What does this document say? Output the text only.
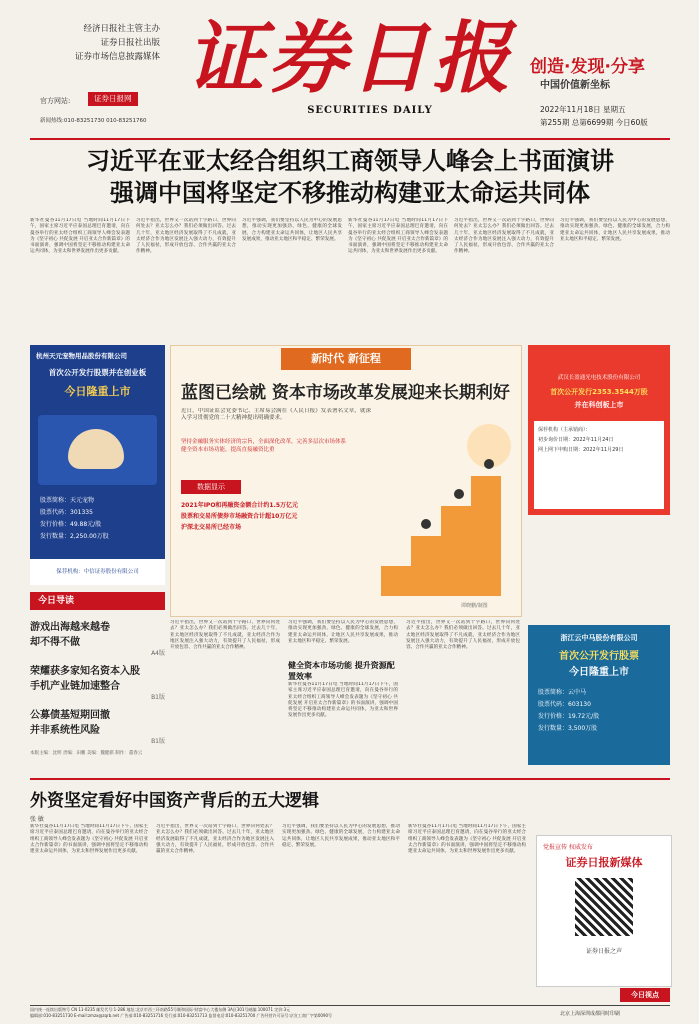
经济日报社主管主办
证券日报社出版
证券市场信息披露媒体
官方网站:	证券日报网
新闻热线:010-83251730 010-83251760
证券日报
SECURITIES DAILY
创造·发现·分享
中国价值新坐标
2022年11月18日 星期五
第255期 总第6699期 今日60版
习近平在亚太经合组织工商领导人峰会上书面演讲
强调中国将坚定不移推动构建亚太命运共同体
新华社曼谷11月17日电 当地时间11月17日下午，国家主席习近平应泰国总理巴育邀请，向在曼谷举行的亚太经合组织工商领导人峰会发表题为《坚守初心 共促发展 开启亚太合作新篇章》的书面演讲，强调中国将坚定不移推动构建亚太命运共同体，为亚太和世界发展作出更多贡献。
习近平指出，世界又一次站到十字路口，世界向何处去？亚太怎么办？我们必须做出回答。过去几十年，亚太地区经济发展取得了不凡成就，亚太经济合作为地区发展注入强大动力，有效提升了人民福祉，形成开放包容、合作共赢的亚太合作精神。
习近平强调，我们要坚持以人民为中心的发展思想，推动实现更加强劲、绿色、健康的全球发展，合力构建亚太命运共同体，让地区人民共享发展成果，推动亚太地区和平稳定、繁荣发展。
新华社曼谷11月17日电 当地时间11月17日下午，国家主席习近平应泰国总理巴育邀请，向在曼谷举行的亚太经合组织工商领导人峰会发表题为《坚守初心 共促发展 开启亚太合作新篇章》的书面演讲，强调中国将坚定不移推动构建亚太命运共同体，为亚太和世界发展作出更多贡献。
习近平指出，世界又一次站到十字路口，世界向何处去？亚太怎么办？我们必须做出回答。过去几十年，亚太地区经济发展取得了不凡成就，亚太经济合作为地区发展注入强大动力，有效提升了人民福祉，形成开放包容、合作共赢的亚太合作精神。
习近平强调，我们要坚持以人民为中心的发展思想，推动实现更加强劲、绿色、健康的全球发展，合力构建亚太命运共同体，让地区人民共享发展成果，推动亚太地区和平稳定、繁荣发展。
杭州天元宠物用品股份有限公司
首次公开发行股票并在创业板
今日隆重上市
股票简称：天元宠物
股票代码：301335
发行价格：49.88元/股
发行数量：2,250.00万股
保荐机构：中信证券股份有限公司
新时代 新征程
蓝图已绘就 资本市场改革发展迎来长期利好
近日，中国证监会党委书记、主席易会满在《人民日报》发表署名文章，就深入学习贯彻党的二十大精神提出明确要求。
坚持金融服务实体经济的宗旨，全面深化改革，完善多层次市场体系
健全资本市场功能，提高直接融资比重
数据显示
2021年IPO和再融资金额合计约1.5万亿元
股票和交易所债券市场融资合计超10万亿元
沪深北交易所已经市场
谭晓鹏/制图
武汉长盈通光电技术股份有限公司
首次公开发行2353.3544万股
并在科创板上市
保荐机构（主承销商）：
初步询价日期：2022年11月24日
网上网下申购日期：2022年11月29日
浙江云中马股份有限公司
首次公开发行股票
今日隆重上市
股票简称：云中马
股票代码：603130
发行价格：19.72元/股
发行数量：3,500万股
今日导读
游戏出海越来越卷
却不得不做
A4版
荣耀获多家知名资本入股
手机产业链加速整合
B1版
公募债基短期回撤
并非系统性风险
B1版
本版主编：沈明 责编：田鹏 美编：魏健骐 制作：董春云
习近平指出，世界又一次站到十字路口，世界向何处去？亚太怎么办？我们必须做出回答。过去几十年，亚太地区经济发展取得了不凡成就，亚太经济合作为地区发展注入强大动力，有效提升了人民福祉，形成开放包容、合作共赢的亚太合作精神。
健全资本市场功能 提升资源配置效率
习近平强调，我们要坚持以人民为中心的发展思想，推动实现更加强劲、绿色、健康的全球发展，合力构建亚太命运共同体，让地区人民共享发展成果，推动亚太地区和平稳定、繁荣发展。
新华社曼谷11月17日电 当地时间11月17日下午，国家主席习近平应泰国总理巴育邀请，向在曼谷举行的亚太经合组织工商领导人峰会发表题为《坚守初心 共促发展 开启亚太合作新篇章》的书面演讲，强调中国将坚定不移推动构建亚太命运共同体，为亚太和世界发展作出更多贡献。
习近平指出，世界又一次站到十字路口，世界向何处去？亚太怎么办？我们必须做出回答。过去几十年，亚太地区经济发展取得了不凡成就，亚太经济合作为地区发展注入强大动力，有效提升了人民福祉，形成开放包容、合作共赢的亚太合作精神。
外资坚定看好中国资产背后的五大逻辑
张 敏
新华社曼谷11月17日电 当地时间11月17日下午，国家主席习近平应泰国总理巴育邀请，向在曼谷举行的亚太经合组织工商领导人峰会发表题为《坚守初心 共促发展 开启亚太合作新篇章》的书面演讲，强调中国将坚定不移推动构建亚太命运共同体，为亚太和世界发展作出更多贡献。
习近平指出，世界又一次站到十字路口，世界向何处去？亚太怎么办？我们必须做出回答。过去几十年，亚太地区经济发展取得了不凡成就，亚太经济合作为地区发展注入强大动力，有效提升了人民福祉，形成开放包容、合作共赢的亚太合作精神。
习近平强调，我们要坚持以人民为中心的发展思想，推动实现更加强劲、绿色、健康的全球发展，合力构建亚太命运共同体，让地区人民共享发展成果，推动亚太地区和平稳定、繁荣发展。
新华社曼谷11月17日电 当地时间11月17日下午，国家主席习近平应泰国总理巴育邀请，向在曼谷举行的亚太经合组织工商领导人峰会发表题为《坚守初心 共促发展 开启亚太合作新篇章》的书面演讲，强调中国将坚定不移推动构建亚太命运共同体，为亚太和世界发展作出更多贡献。
党报宣传 权威发布
证券日报新媒体
证券日报之声
今日视点
国内统一连续出版物号 CN 11-0235 邮发代号:1-286 地址:北京市西三环南路55号顺和国际·财富中心大楼东侧 3A区301号邮编 100071 定价:3元
编辑部:010-83251730 E-mail:zmzx@zqrb.net 广告部:010-83251716 发行部:010-83251713 监督电话:010-83251700 广告经营许可证号:京宣工商广字第0090号	北京上海深圳成都同时印刷
